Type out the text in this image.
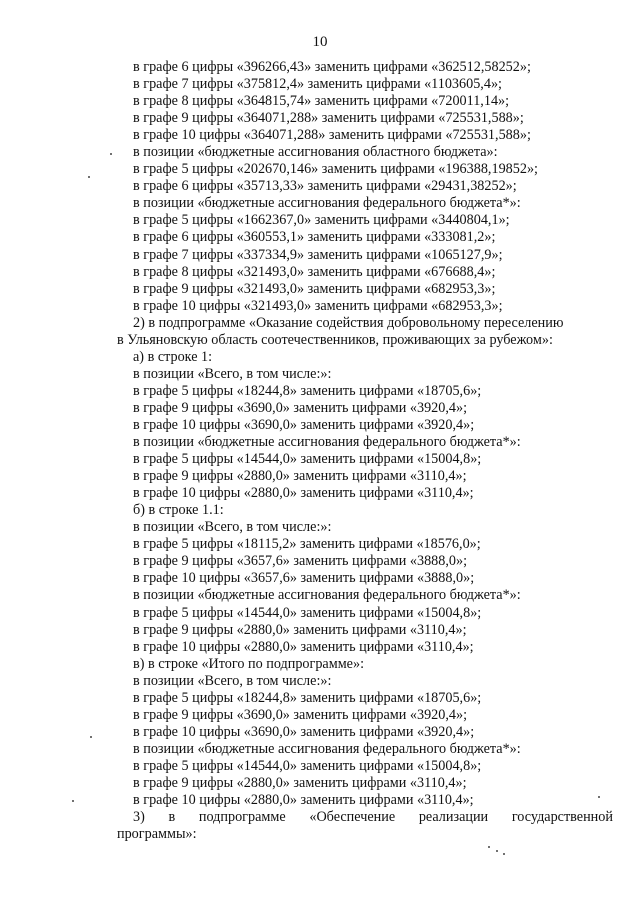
10
в графе 6 цифры «396266,43» заменить цифрами «362512,58252»;
в графе 7 цифры «375812,4» заменить цифрами «1103605,4»;
в графе 8 цифры «364815,74» заменить цифрами «720011,14»;
в графе 9 цифры «364071,288» заменить цифрами «725531,588»;
в графе 10 цифры «364071,288» заменить цифрами «725531,588»;
в позиции «бюджетные ассигнования областного бюджета»:
в графе 5 цифры «202670,146» заменить цифрами «196388,19852»;
в графе 6 цифры «35713,33» заменить цифрами «29431,38252»;
в позиции «бюджетные ассигнования федерального бюджета*»:
в графе 5 цифры «1662367,0» заменить цифрами «3440804,1»;
в графе 6 цифры «360553,1» заменить цифрами «333081,2»;
в графе 7 цифры «337334,9» заменить цифрами «1065127,9»;
в графе 8 цифры «321493,0» заменить цифрами «676688,4»;
в графе 9 цифры «321493,0» заменить цифрами «682953,3»;
в графе 10 цифры «321493,0» заменить цифрами «682953,3»;
2) в подпрограмме «Оказание содействия добровольному переселению
в Ульяновскую область соотечественников, проживающих за рубежом»:
а) в строке 1:
в позиции «Всего, в том числе:»:
в графе 5 цифры «18244,8» заменить цифрами «18705,6»;
в графе 9 цифры «3690,0» заменить цифрами «3920,4»;
в графе 10 цифры «3690,0» заменить цифрами «3920,4»;
в позиции «бюджетные ассигнования федерального бюджета*»:
в графе 5 цифры «14544,0» заменить цифрами «15004,8»;
в графе 9 цифры «2880,0» заменить цифрами «3110,4»;
в графе 10 цифры «2880,0» заменить цифрами «3110,4»;
б) в строке 1.1:
в позиции «Всего, в том числе:»:
в графе 5 цифры «18115,2» заменить цифрами «18576,0»;
в графе 9 цифры «3657,6» заменить цифрами «3888,0»;
в графе 10 цифры «3657,6» заменить цифрами «3888,0»;
в позиции «бюджетные ассигнования федерального бюджета*»:
в графе 5 цифры «14544,0» заменить цифрами «15004,8»;
в графе 9 цифры «2880,0» заменить цифрами «3110,4»;
в графе 10 цифры «2880,0» заменить цифрами «3110,4»;
в) в строке «Итого по подпрограмме»:
в позиции «Всего, в том числе:»:
в графе 5 цифры «18244,8» заменить цифрами «18705,6»;
в графе 9 цифры «3690,0» заменить цифрами «3920,4»;
в графе 10 цифры «3690,0» заменить цифрами «3920,4»;
в позиции «бюджетные ассигнования федерального бюджета*»:
в графе 5 цифры «14544,0» заменить цифрами «15004,8»;
в графе 9 цифры «2880,0» заменить цифрами «3110,4»;
в графе 10 цифры «2880,0» заменить цифрами «3110,4»;
3) в подпрограмме «Обеспечение реализации государственной
программы»:
